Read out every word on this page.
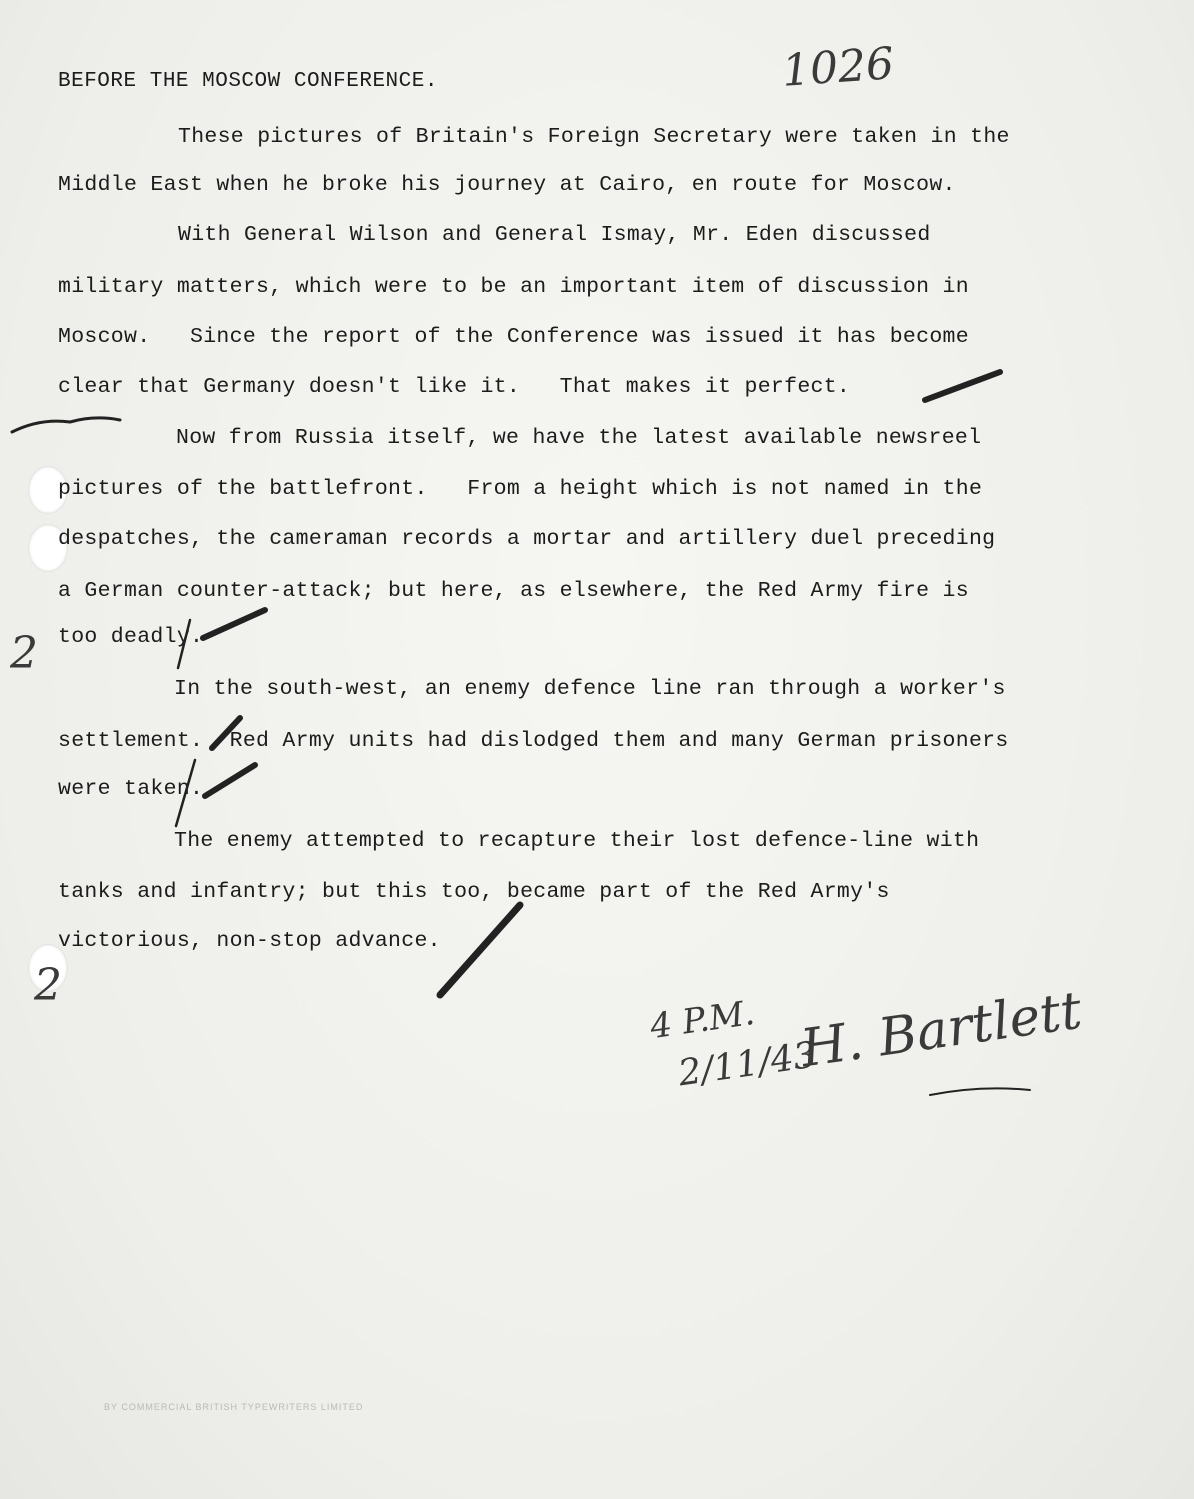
BEFORE THE MOSCOW CONFERENCE.	1026
These pictures of Britain's Foreign Secretary were taken in the
Middle East when he broke his journey at Cairo, en route for Moscow.
With General Wilson and General Ismay, Mr. Eden discussed
military matters, which were to be an important item of discussion in
Moscow.   Since the report of the Conference was issued it has become
clear that Germany doesn't like it.   That makes it perfect.
Now from Russia itself, we have the latest available newsreel
pictures of the battlefront.   From a height which is not named in the
despatches, the cameraman records a mortar and artillery duel preceding
a German counter-attack; but here, as elsewhere, the Red Army fire is
too deadly.
In the south-west, an enemy defence line ran through a worker's
settlement.  Red Army units had dislodged them and many German prisoners
were taken.
The enemy attempted to recapture their lost defence-line with
tanks and infantry; but this too, became part of the Red Army's
victorious, non-stop advance.
2
2
4 P.M.
2/11/43
H. Bartlett
BY COMMERCIAL BRITISH TYPEWRITERS LIMITED
